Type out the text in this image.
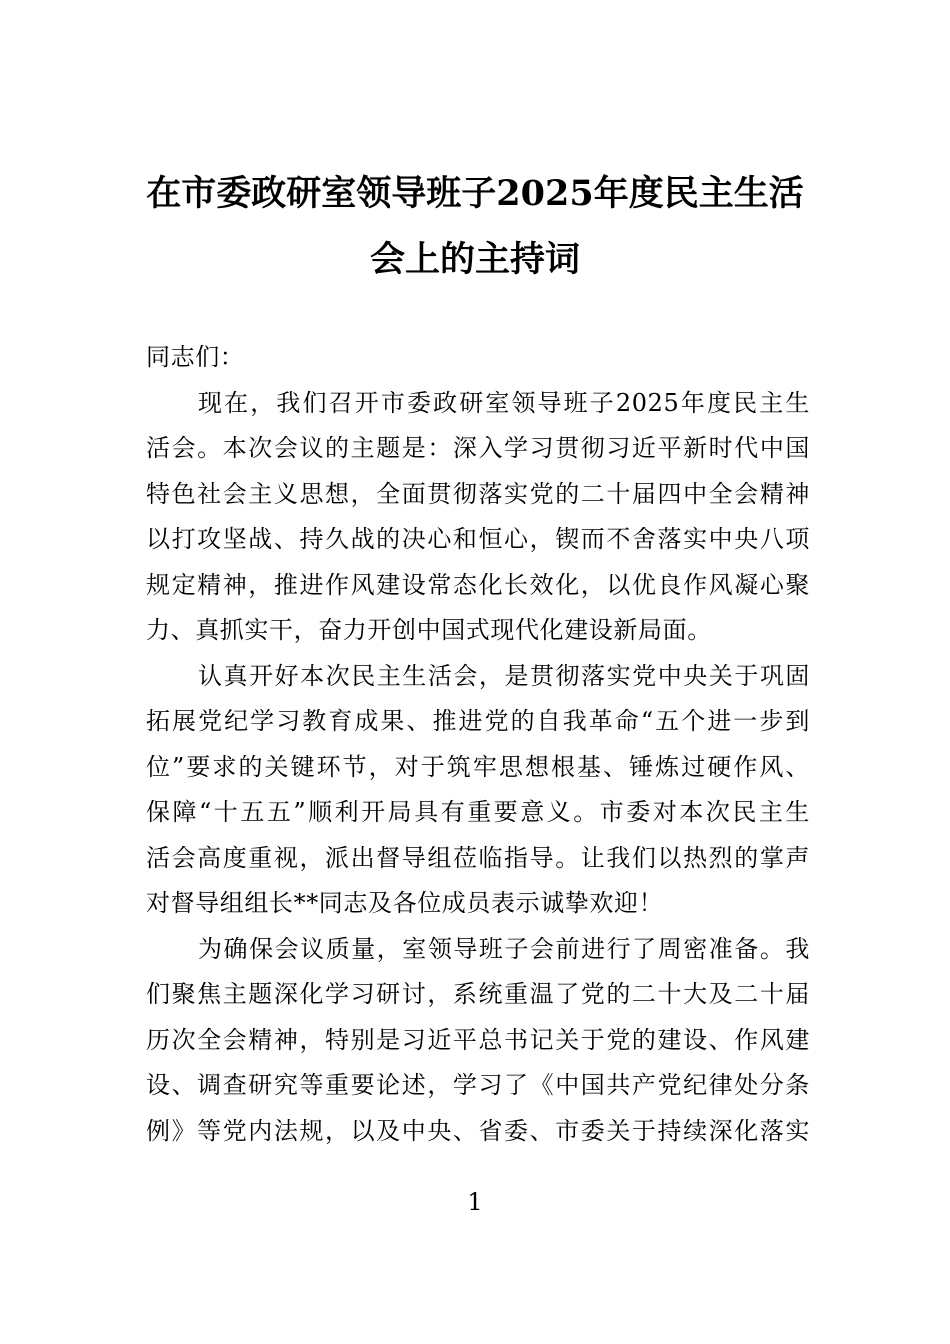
在市委政研室领导班子2025年度民主生活
会上的主持词
同志们：
现在，我们召开市委政研室领导班子2025年度民主生
活会。本次会议的主题是：深入学习贯彻习近平新时代中国
特色社会主义思想，全面贯彻落实党的二十届四中全会精神
以打攻坚战、持久战的决心和恒心，锲而不舍落实中央八项
规定精神，推进作风建设常态化长效化，以优良作风凝心聚
力、真抓实干，奋力开创中国式现代化建设新局面。
认真开好本次民主生活会，是贯彻落实党中央关于巩固
拓展党纪学习教育成果、推进党的自我革命“五个进一步到
位”要求的关键环节，对于筑牢思想根基、锤炼过硬作风、
保障“十五五”顺利开局具有重要意义。市委对本次民主生
活会高度重视，派出督导组莅临指导。让我们以热烈的掌声
对督导组组长**同志及各位成员表示诚挚欢迎！
为确保会议质量，室领导班子会前进行了周密准备。我
们聚焦主题深化学习研讨，系统重温了党的二十大及二十届
历次全会精神，特别是习近平总书记关于党的建设、作风建
设、调查研究等重要论述，学习了《中国共产党纪律处分条
例》等党内法规，以及中央、省委、市委关于持续深化落实
1
